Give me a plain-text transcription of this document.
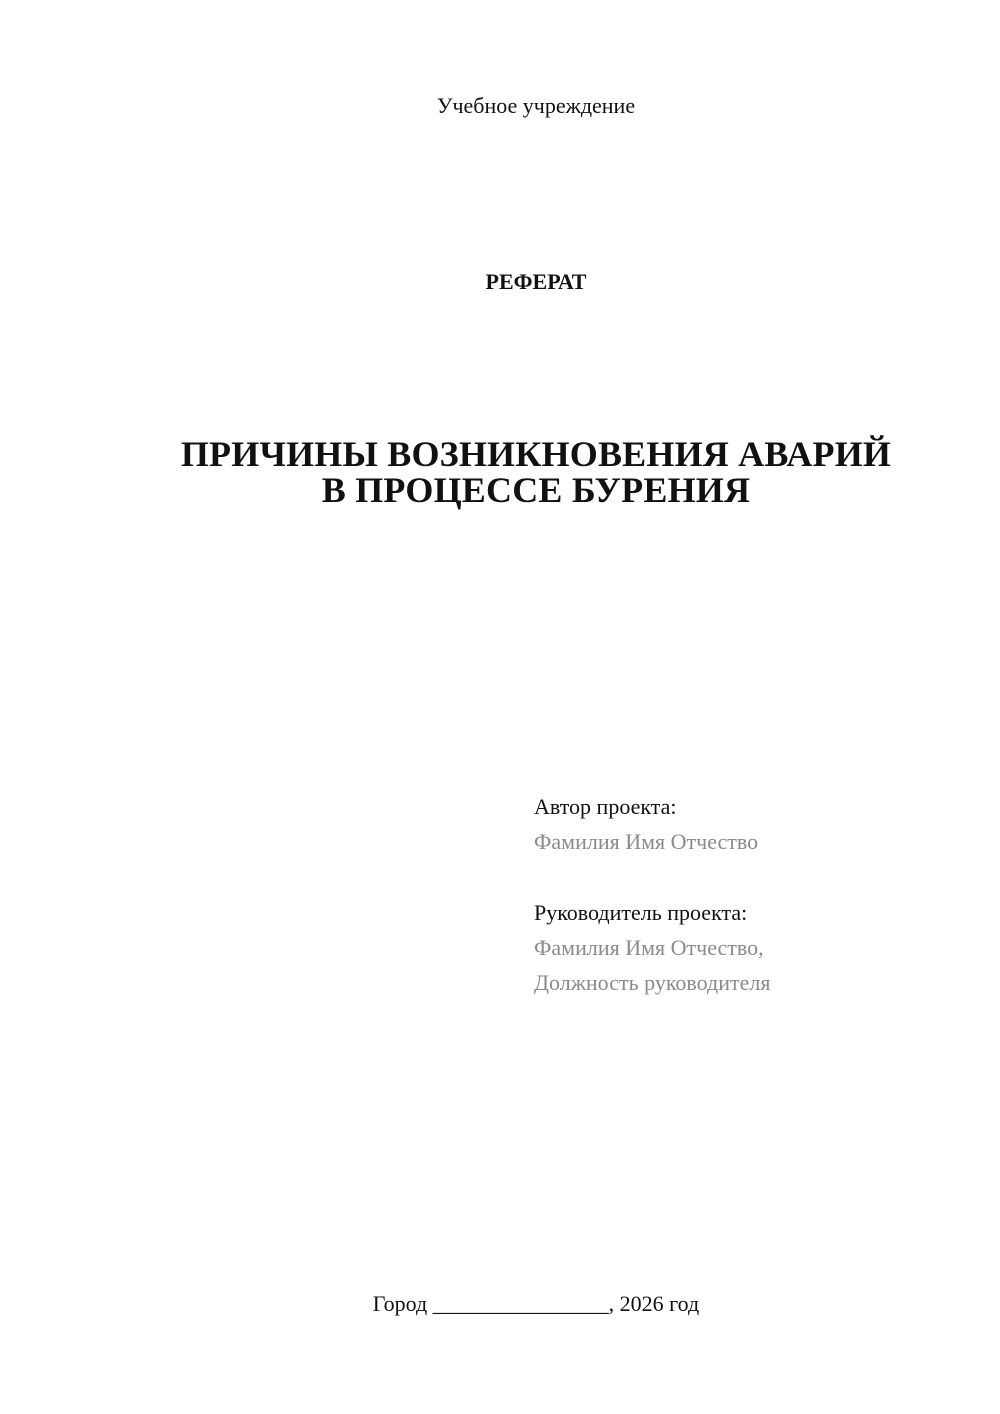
Учебное учреждение
РЕФЕРАТ
ПРИЧИНЫ ВОЗНИКНОВЕНИЯ АВАРИЙ
В ПРОЦЕССЕ БУРЕНИЯ
Автор проекта:
Фамилия Имя Отчество
Руководитель проекта:
Фамилия Имя Отчество,
Должность руководителя
Город ________________, 2026 год
